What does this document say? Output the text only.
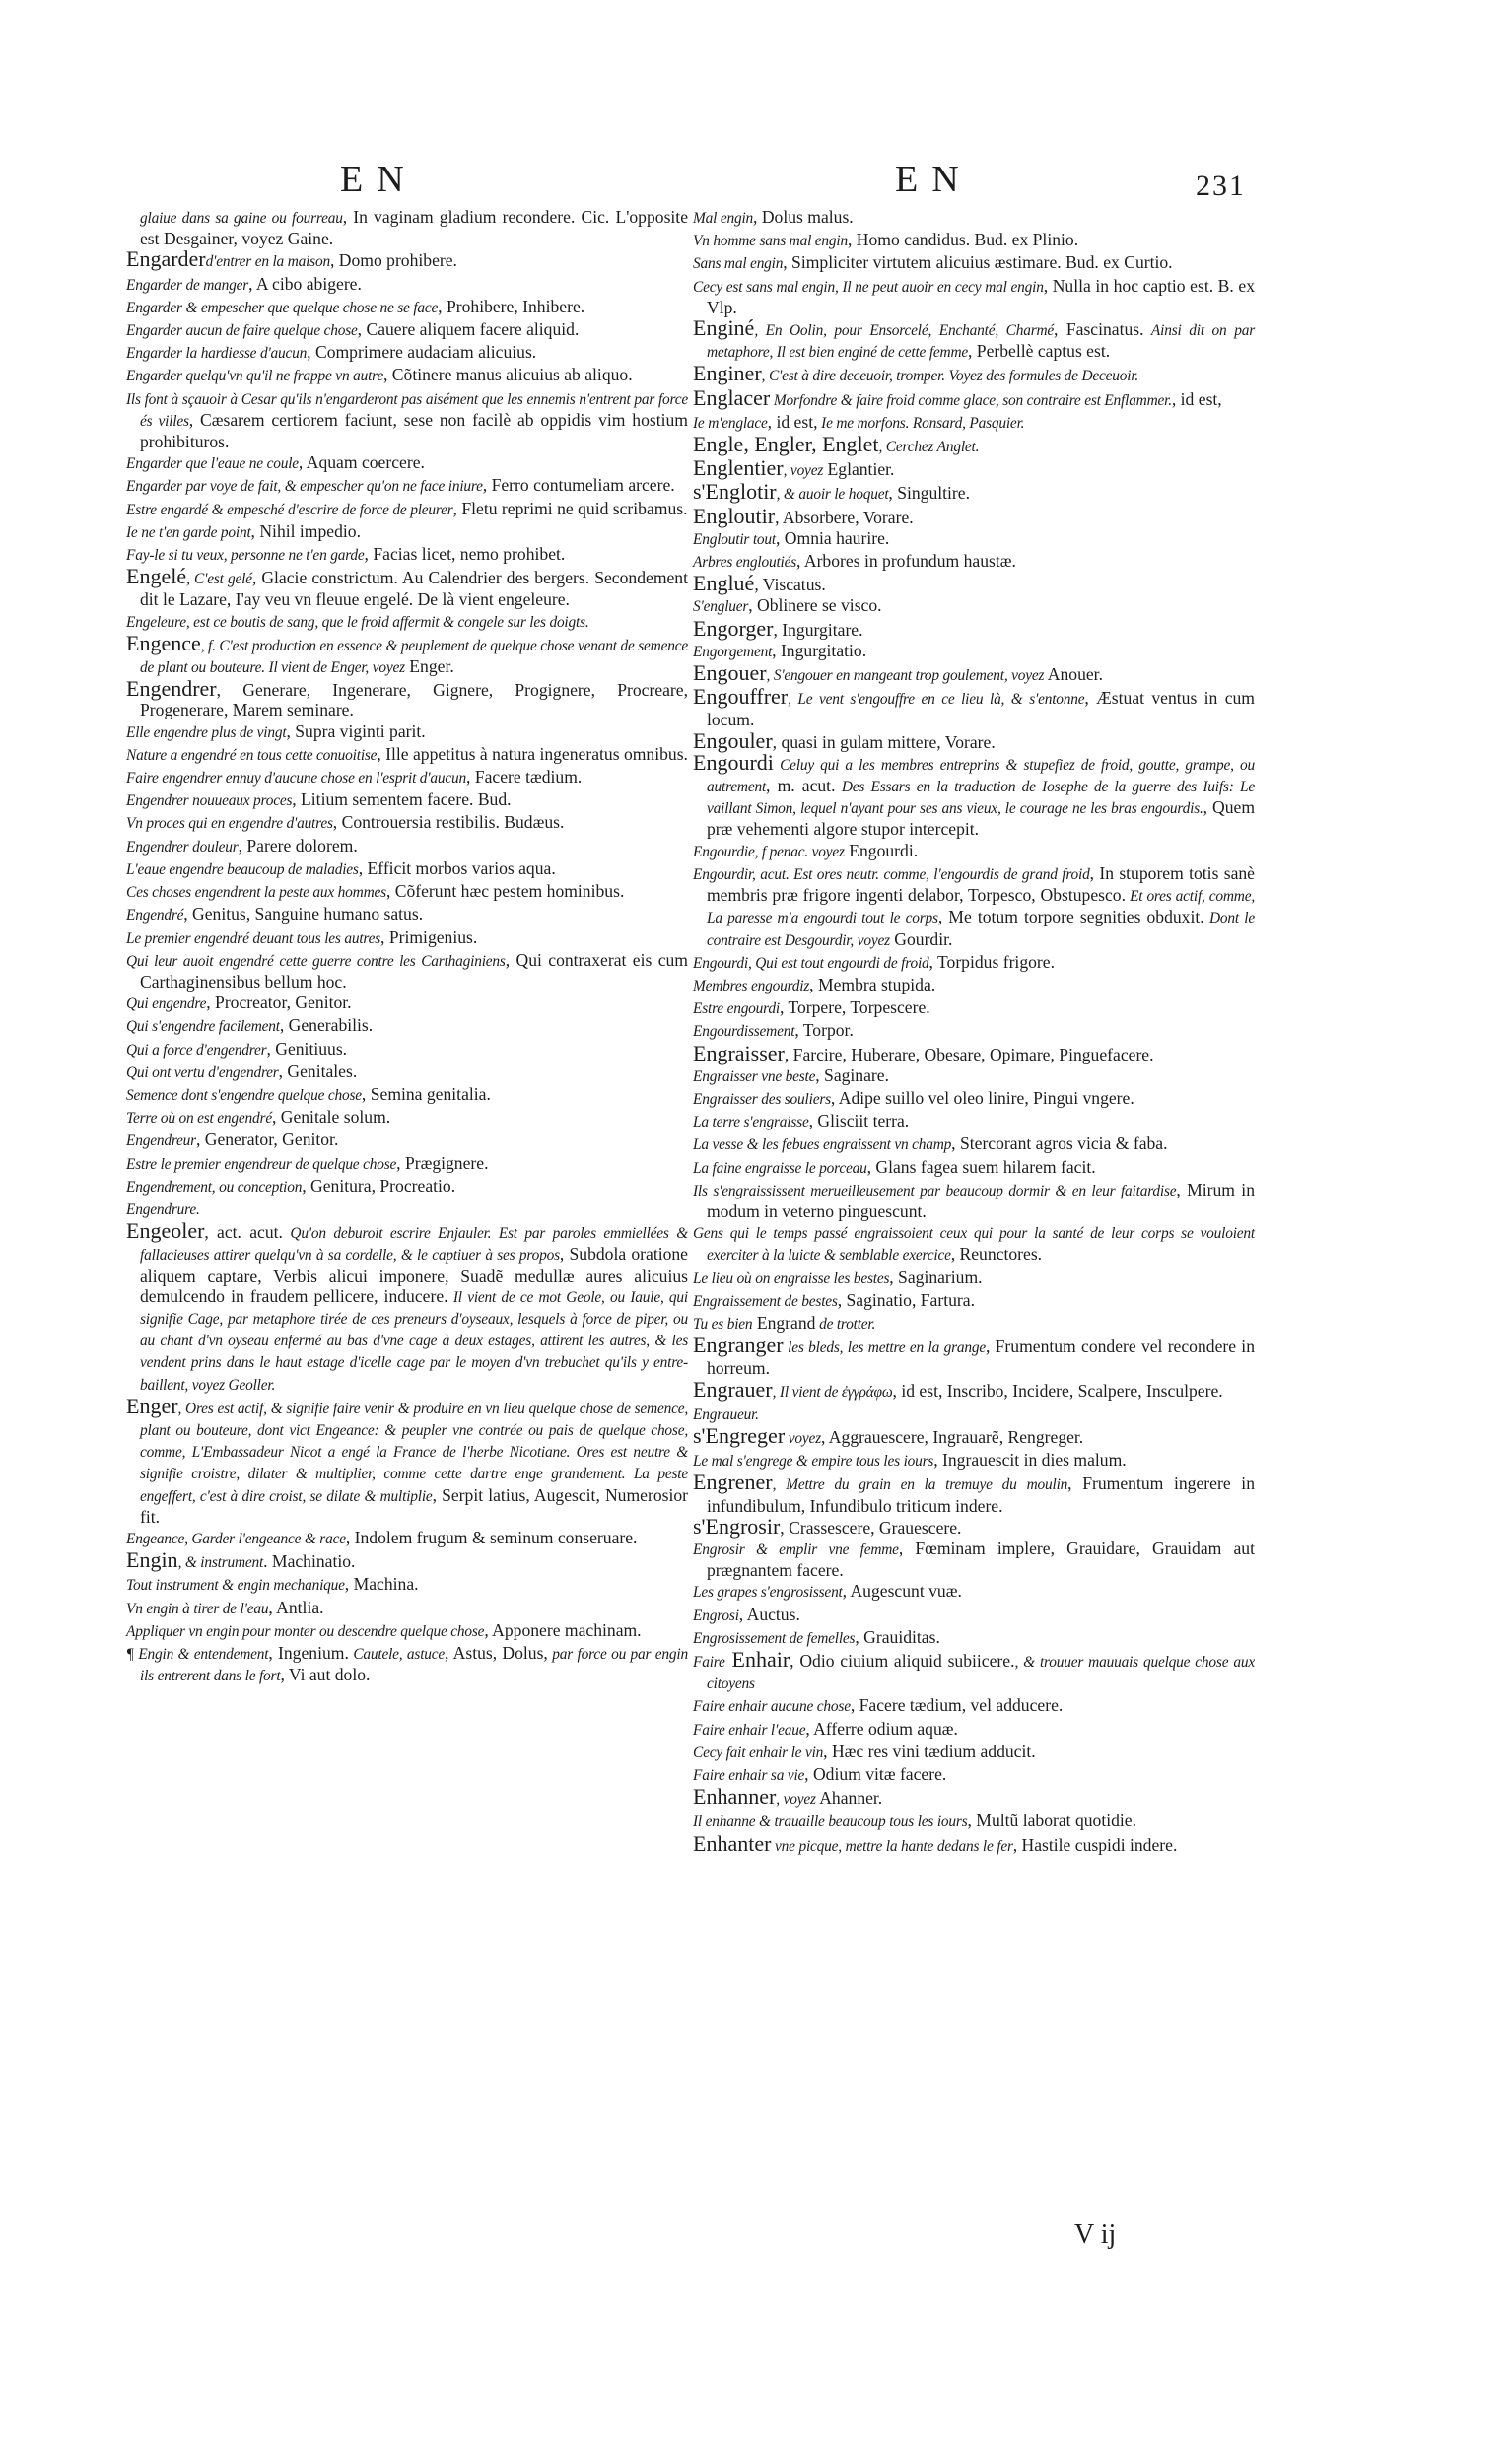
EN	EN	231
glaiue dans sa gaine ou fourreau, In vaginam gladium recondere. Cic. L'opposite est Desgainer, voyez Gaine.
Engarderd'entrer en la maison, Domo prohibere.
Engarder de manger, A cibo abigere.
Engarder & empescher que quelque chose ne se face, Prohibere, Inhibere.
Engarder aucun de faire quelque chose, Cauere aliquem facere aliquid.
Engarder la hardiesse d'aucun, Comprimere audaciam alicuius.
Engarder quelqu'vn qu'il ne frappe vn autre, Cõtinere manus alicuius ab aliquo.
Ils font à sçauoir à Cesar qu'ils n'engarderont pas aisément que les ennemis n'entrent par force és villes, Cæsarem certiorem faciunt, sese non facilè ab oppidis vim hostium prohibituros.
Engarder que l'eaue ne coule, Aquam coercere.
Engarder par voye de fait, & empescher qu'on ne face iniure, Ferro contumeliam arcere.
Estre engardé & empesché d'escrire de force de pleurer, Fletu reprimi ne quid scribamus.
Ie ne t'en garde point, Nihil impedio.
Fay-le si tu veux, personne ne t'en garde, Facias licet, nemo prohibet.
Engelé, C'est gelé, Glacie constrictum. Au Calendrier des bergers. Secondement dit le Lazare, I'ay veu vn fleuue engelé. De là vient engeleure.
Engeleure, est ce boutis de sang, que le froid affermit & congele sur les doigts.
Engence, f. C'est production en essence & peuplement de quelque chose venant de semence de plant ou bouteure. Il vient de Enger, voyez Enger.
Engendrer, Generare, Ingenerare, Gignere, Progignere, Procreare, Progenerare, Marem seminare.
Elle engendre plus de vingt, Supra viginti parit.
Nature a engendré en tous cette conuoitise, Ille appetitus à natura ingeneratus omnibus.
Faire engendrer ennuy d'aucune chose en l'esprit d'aucun, Facere tædium.
Engendrer nouueaux proces, Litium sementem facere. Bud.
Vn proces qui en engendre d'autres, Controuersia restibilis. Budæus.
Engendrer douleur, Parere dolorem.
L'eaue engendre beaucoup de maladies, Efficit morbos varios aqua.
Ces choses engendrent la peste aux hommes, Cõferunt hæc pestem hominibus.
Engendré, Genitus, Sanguine humano satus.
Le premier engendré deuant tous les autres, Primigenius.
Qui leur auoit engendré cette guerre contre les Carthaginiens, Qui contraxerat eis cum Carthaginensibus bellum hoc.
Qui engendre, Procreator, Genitor.
Qui s'engendre facilement, Generabilis.
Qui a force d'engendrer, Genitiuus.
Qui ont vertu d'engendrer, Genitales.
Semence dont s'engendre quelque chose, Semina genitalia.
Terre où on est engendré, Genitale solum.
Engendreur, Generator, Genitor.
Estre le premier engendreur de quelque chose, Prægignere.
Engendrement, ou conception, Genitura, Procreatio.
Engendrure.
Engeoler, act. acut. Qu'on deburoit escrire Enjauler. Est par paroles emmiellées & fallacieuses attirer quelqu'vn à sa cordelle, & le captiuer à ses propos, Subdola oratione aliquem captare, Verbis alicui imponere, Suadẽ medullæ aures alicuius demulcendo in fraudem pellicere, inducere. Il vient de ce mot Geole, ou Iaule, qui signifie Cage, par metaphore tirée de ces preneurs d'oyseaux, lesquels à force de piper, ou au chant d'vn oyseau enfermé au bas d'vne cage à deux estages, attirent les autres, & les vendent prins dans le haut estage d'icelle cage par le moyen d'vn trebuchet qu'ils y entre-baillent, voyez Geoller.
Enger, Ores est actif, & signifie faire venir & produire en vn lieu quelque chose de semence, plant ou bouteure, dont vict Engeance: & peupler vne contrée ou pais de quelque chose, comme, L'Embassadeur Nicot a engé la France de l'herbe Nicotiane. Ores est neutre & signifie croistre, dilater & multiplier, comme cette dartre enge grandement. La peste engeffert, c'est à dire croist, se dilate & multiplie, Serpit latius, Augescit, Numerosior fit.
Engeance, Garder l'engeance & race, Indolem frugum & seminum conseruare.
Engin, & instrument. Machinatio.
Tout instrument & engin mechanique, Machina.
Vn engin à tirer de l'eau, Antlia.
Appliquer vn engin pour monter ou descendre quelque chose, Apponere machinam.
¶ Engin & entendement, Ingenium. Cautele, astuce, Astus, Dolus, par force ou par engin ils entrerent dans le fort, Vi aut dolo.
Mal engin, Dolus malus.
Vn homme sans mal engin, Homo candidus. Bud. ex Plinio.
Sans mal engin, Simpliciter virtutem alicuius æstimare. Bud. ex Curtio.
Cecy est sans mal engin, Il ne peut auoir en cecy mal engin, Nulla in hoc captio est. B. ex Vlp.
Enginé, En Oolin, pour Ensorcelé, Enchanté, Charmé, Fascinatus. Ainsi dit on par metaphore, Il est bien enginé de cette femme, Perbellè captus est.
Enginer, C'est à dire deceuoir, tromper. Voyez des formules de Deceuoir.
Englacer Morfondre & faire froid comme glace, son contraire est Enflammer., id est,
Ie m'englace, id est, Ie me morfons. Ronsard, Pasquier.
Engle, Engler, Englet, Cerchez Anglet.
Englentier, voyez Eglantier.
s'Englotir, & auoir le hoquet, Singultire.
Engloutir, Absorbere, Vorare.
Engloutir tout, Omnia haurire.
Arbres engloutiés, Arbores in profundum haustæ.
Englué, Viscatus.
S'engluer, Oblinere se visco.
Engorger, Ingurgitare.
Engorgement, Ingurgitatio.
Engouer, S'engouer en mangeant trop goulement, voyez Anouer.
Engouffrer, Le vent s'engouffre en ce lieu là, & s'entonne, Æstuat ventus in cum locum.
Engouler, quasi in gulam mittere, Vorare.
Engourdi Celuy qui a les membres entreprins & stupefiez de froid, goutte, grampe, ou autrement, m. acut. Des Essars en la traduction de Iosephe de la guerre des Iuifs: Le vaillant Simon, lequel n'ayant pour ses ans vieux, le courage ne les bras engourdis., Quem præ vehementi algore stupor intercepit.
Engourdie, f penac. voyez Engourdi.
Engourdir, acut. Est ores neutr. comme, l'engourdis de grand froid, In stuporem totis sanè membris præ frigore ingenti delabor, Torpesco, Obstupesco. Et ores actif, comme, La paresse m'a engourdi tout le corps, Me totum torpore segnities obduxit. Dont le contraire est Desgourdir, voyez Gourdir.
Engourdi, Qui est tout engourdi de froid, Torpidus frigore.
Membres engourdiz, Membra stupida.
Estre engourdi, Torpere, Torpescere.
Engourdissement, Torpor.
Engraisser, Farcire, Huberare, Obesare, Opimare, Pinguefacere.
Engraisser vne beste, Saginare.
Engraisser des souliers, Adipe suillo vel oleo linire, Pingui vngere.
La terre s'engraisse, Glisciit terra.
La vesse & les febues engraissent vn champ, Stercorant agros vicia & faba.
La faine engraisse le porceau, Glans fagea suem hilarem facit.
Ils s'engraississent merueilleusement par beaucoup dormir & en leur faitardise, Mirum in modum in veterno pinguescunt.
Gens qui le temps passé engraissoient ceux qui pour la santé de leur corps se vouloient exerciter à la luicte & semblable exercice, Reunctores.
Le lieu où on engraisse les bestes, Saginarium.
Engraissement de bestes, Saginatio, Fartura.
Tu es bien Engrand de trotter.
Engranger les bleds, les mettre en la grange, Frumentum condere vel recondere in horreum.
Engrauer, Il vient de ἐγγράφω, id est, Inscribo, Incidere, Scalpere, Insculpere.
Engraueur.
s'Engreger voyez, Aggrauescere, Ingrauarẽ, Rengreger.
Le mal s'engrege & empire tous les iours, Ingrauescit in dies malum.
Engrener, Mettre du grain en la tremuye du moulin, Frumentum ingerere in infundibulum, Infundibulo triticum indere.
s'Engrosir, Crassescere, Grauescere.
Engrosir & emplir vne femme, Fœminam implere, Grauidare, Grauidam aut prægnantem facere.
Les grapes s'engrosissent, Augescunt vuæ.
Engrosi, Auctus.
Engrosissement de femelles, Grauiditas.
Faire Enhair, Odio ciuium aliquid subiicere., & trouuer mauuais quelque chose aux citoyens
Faire enhair aucune chose, Facere tædium, vel adducere.
Faire enhair l'eaue, Afferre odium aquæ.
Cecy fait enhair le vin, Hæc res vini tædium adducit.
Faire enhair sa vie, Odium vitæ facere.
Enhanner, voyez Ahanner.
Il enhanne & trauaille beaucoup tous les iours, Multũ laborat quotidie.
Enhanter vne picque, mettre la hante dedans le fer, Hastile cuspidi indere.
V ij
